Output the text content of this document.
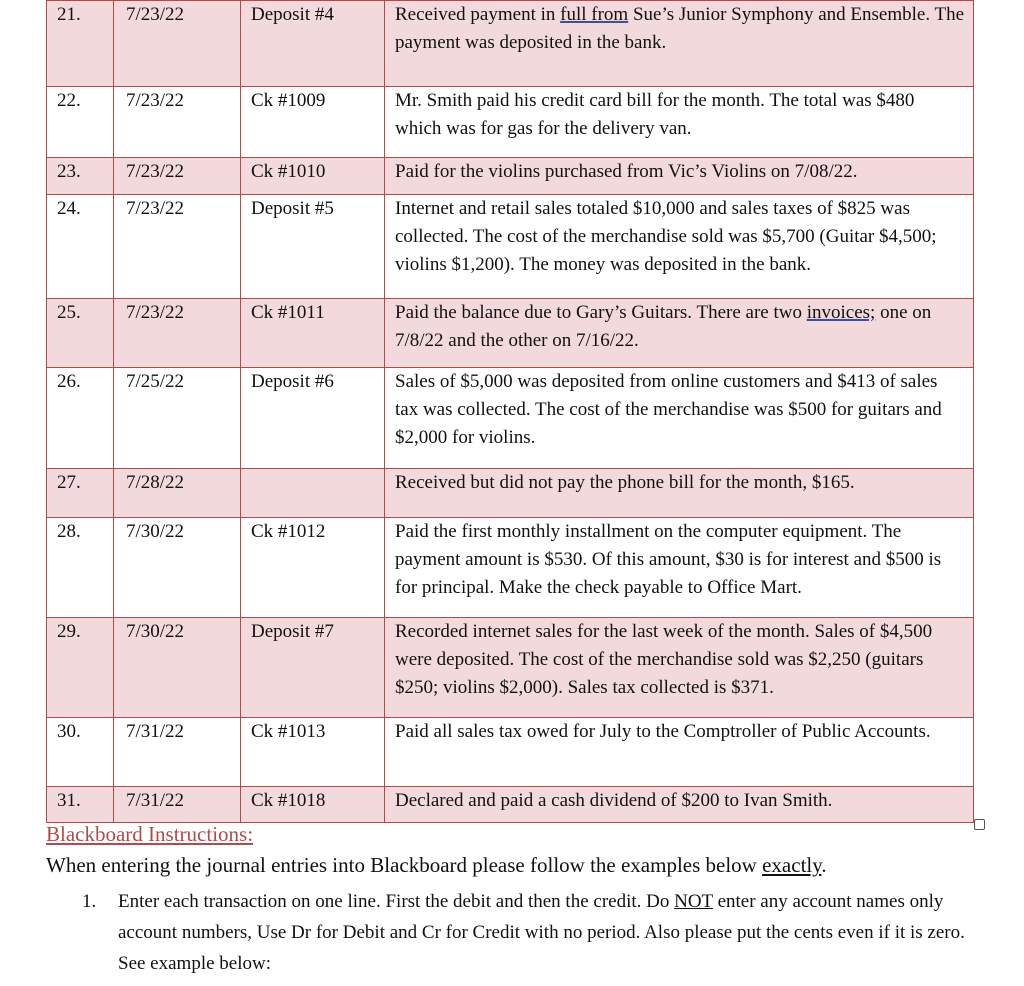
21.	7/23/22	Deposit #4	Received payment in full from Sue’s Junior Symphony and Ensemble. The payment was deposited in the bank.
22.	7/23/22	Ck #1009	Mr. Smith paid his credit card bill for the month. The total was $480 which was for gas for the delivery van.
23.	7/23/22	Ck #1010	Paid for the violins purchased from Vic’s Violins on 7/08/22.
24.	7/23/22	Deposit #5	Internet and retail sales totaled $10,000 and sales taxes of $825 was collected. The cost of the merchandise sold was $5,700 (Guitar $4,500; violins $1,200). The money was deposited in the bank.
25.	7/23/22	Ck #1011	Paid the balance due to Gary’s Guitars. There are two invoices; one on 7/8/22 and the other on 7/16/22.
26.	7/25/22	Deposit #6	Sales of $5,000 was deposited from online customers and $413 of sales tax was collected. The cost of the merchandise was $500 for guitars and $2,000 for violins.
27.	7/28/22		Received but did not pay the phone bill for the month, $165.
28.	7/30/22	Ck #1012	Paid the first monthly installment on the computer equipment. The payment amount is $530. Of this amount, $30 is for interest and $500 is for principal. Make the check payable to Office Mart.
29.	7/30/22	Deposit #7	Recorded internet sales for the last week of the month. Sales of $4,500 were deposited. The cost of the merchandise sold was $2,250 (guitars $250; violins $2,000). Sales tax collected is $371.
30.	7/31/22	Ck #1013	Paid all sales tax owed for July to the Comptroller of Public Accounts.
31.	7/31/22	Ck #1018	Declared and paid a cash dividend of $200 to Ivan Smith.
Blackboard Instructions:
When entering the journal entries into Blackboard please follow the examples below exactly.
1. Enter each transaction on one line. First the debit and then the credit. Do NOT enter any account names only account numbers, Use Dr for Debit and Cr for Credit with no period. Also please put the cents even if it is zero. See example below:
